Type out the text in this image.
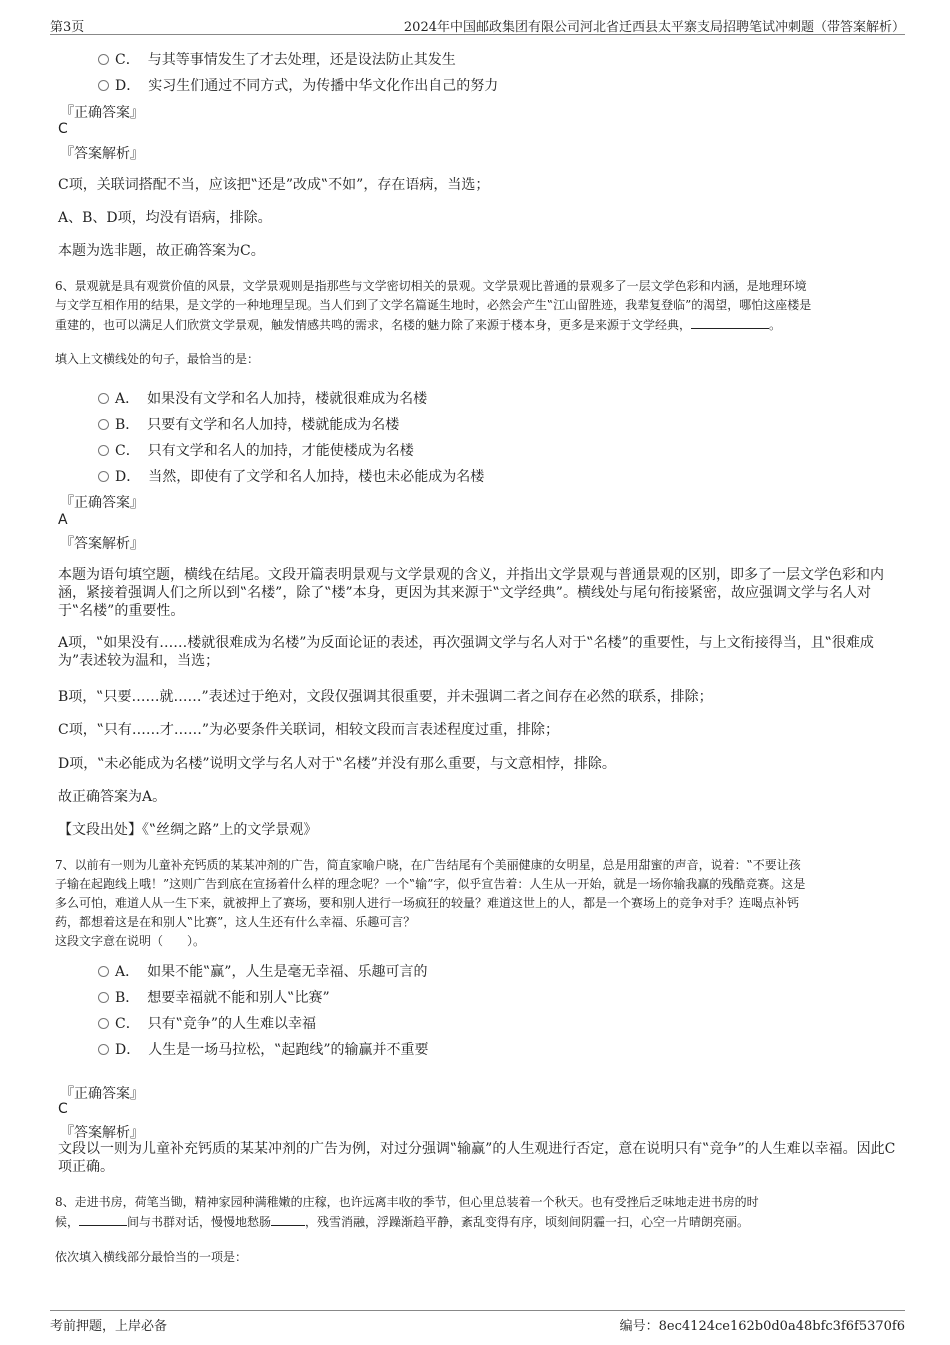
第3页	2024年中国邮政集团有限公司河北省迁西县太平寨支局招聘笔试冲刺题（带答案解析）
C． 与其等事情发生了才去处理，还是设法防止其发生
D． 实习生们通过不同方式，为传播中华文化作出自己的努力
『正确答案』
C
『答案解析』
C项，关联词搭配不当，应该把‟还是”改成‟不如”，存在语病，当选；
A、B、D项，均没有语病，排除。
本题为选非题，故正确答案为C。
6、景观就是具有观赏价值的风景，文学景观则是指那些与文学密切相关的景观。文学景观比普通的景观多了一层文学色彩和内涵，是地理环境
与文学互相作用的结果，是文学的一种地理呈现。当人们到了文学名篇诞生地时，必然会产生‟江山留胜迹，我辈复登临”的渴望，哪怕这座楼是
重建的，也可以满足人们欣赏文学景观，触发情感共鸣的需求，名楼的魅力除了来源于楼本身，更多是来源于文学经典，	。
填入上文横线处的句子，最恰当的是：
A． 如果没有文学和名人加持，楼就很难成为名楼
B． 只要有文学和名人加持，楼就能成为名楼
C． 只有文学和名人的加持，才能使楼成为名楼
D． 当然，即使有了文学和名人加持，楼也未必能成为名楼
『正确答案』
A
『答案解析』
本题为语句填空题，横线在结尾。文段开篇表明景观与文学景观的含义，并指出文学景观与普通景观的区别，即多了一层文学色彩和内涵，紧接着强调人们之所以到‟名楼”，除了‟楼”本身，更因为其来源于‟文学经典”。横线处与尾句衔接紧密，故应强调文学与名人对于‟名楼”的重要性。
A项，‟如果没有……楼就很难成为名楼”为反面论证的表述，再次强调文学与名人对于‟名楼”的重要性，与上文衔接得当，且‟很难成为”表述较为温和，当选；
B项，‟只要……就……”表述过于绝对，文段仅强调其很重要，并未强调二者之间存在必然的联系，排除；
C项，‟只有……才……”为必要条件关联词，相较文段而言表述程度过重，排除；
D项，‟未必能成为名楼”说明文学与名人对于‟名楼”并没有那么重要，与文意相悖，排除。
故正确答案为A。
【文段出处】《‟丝绸之路”上的文学景观》
7、以前有一则为儿童补充钙质的某某冲剂的广告，简直家喻户晓，在广告结尾有个美丽健康的女明星，总是用甜蜜的声音，说着：‟不要让孩
子输在起跑线上哦！”这则广告到底在宣扬着什么样的理念呢？一个‟输”字，似乎宣告着：人生从一开始，就是一场你输我赢的残酷竞赛。这是
多么可怕，难道人从一生下来，就被押上了赛场，要和别人进行一场疯狂的较量？难道这世上的人，都是一个赛场上的竞争对手？连喝点补钙
药，都想着这是在和别人‟比赛”，这人生还有什么幸福、乐趣可言？
这段文字意在说明（　　）。
A． 如果不能‟赢”，人生是毫无幸福、乐趣可言的
B． 想要幸福就不能和别人‟比赛”
C． 只有‟竞争”的人生难以幸福
D． 人生是一场马拉松，‟起跑线”的输赢并不重要
『正确答案』
C
『答案解析』
文段以一则为儿童补充钙质的某某冲剂的广告为例，对过分强调‟输赢”的人生观进行否定，意在说明只有‟竞争”的人生难以幸福。因此C项正确。
8、走进书房，荷笔当锄，精神家园种满稚嫩的庄稼，也许远离丰收的季节，但心里总装着一个秋天。也有受挫后乏味地走进书房的时
候，	间与书群对话，慢慢地愁肠	，残雪消融，浮躁渐趋平静，紊乱变得有序，顷刻间阴霾一扫，心空一片晴朗亮丽。
依次填入横线部分最恰当的一项是：
考前押题，上岸必备	编号：8ec4124ce162b0d0a48bfc3f6f5370f6
